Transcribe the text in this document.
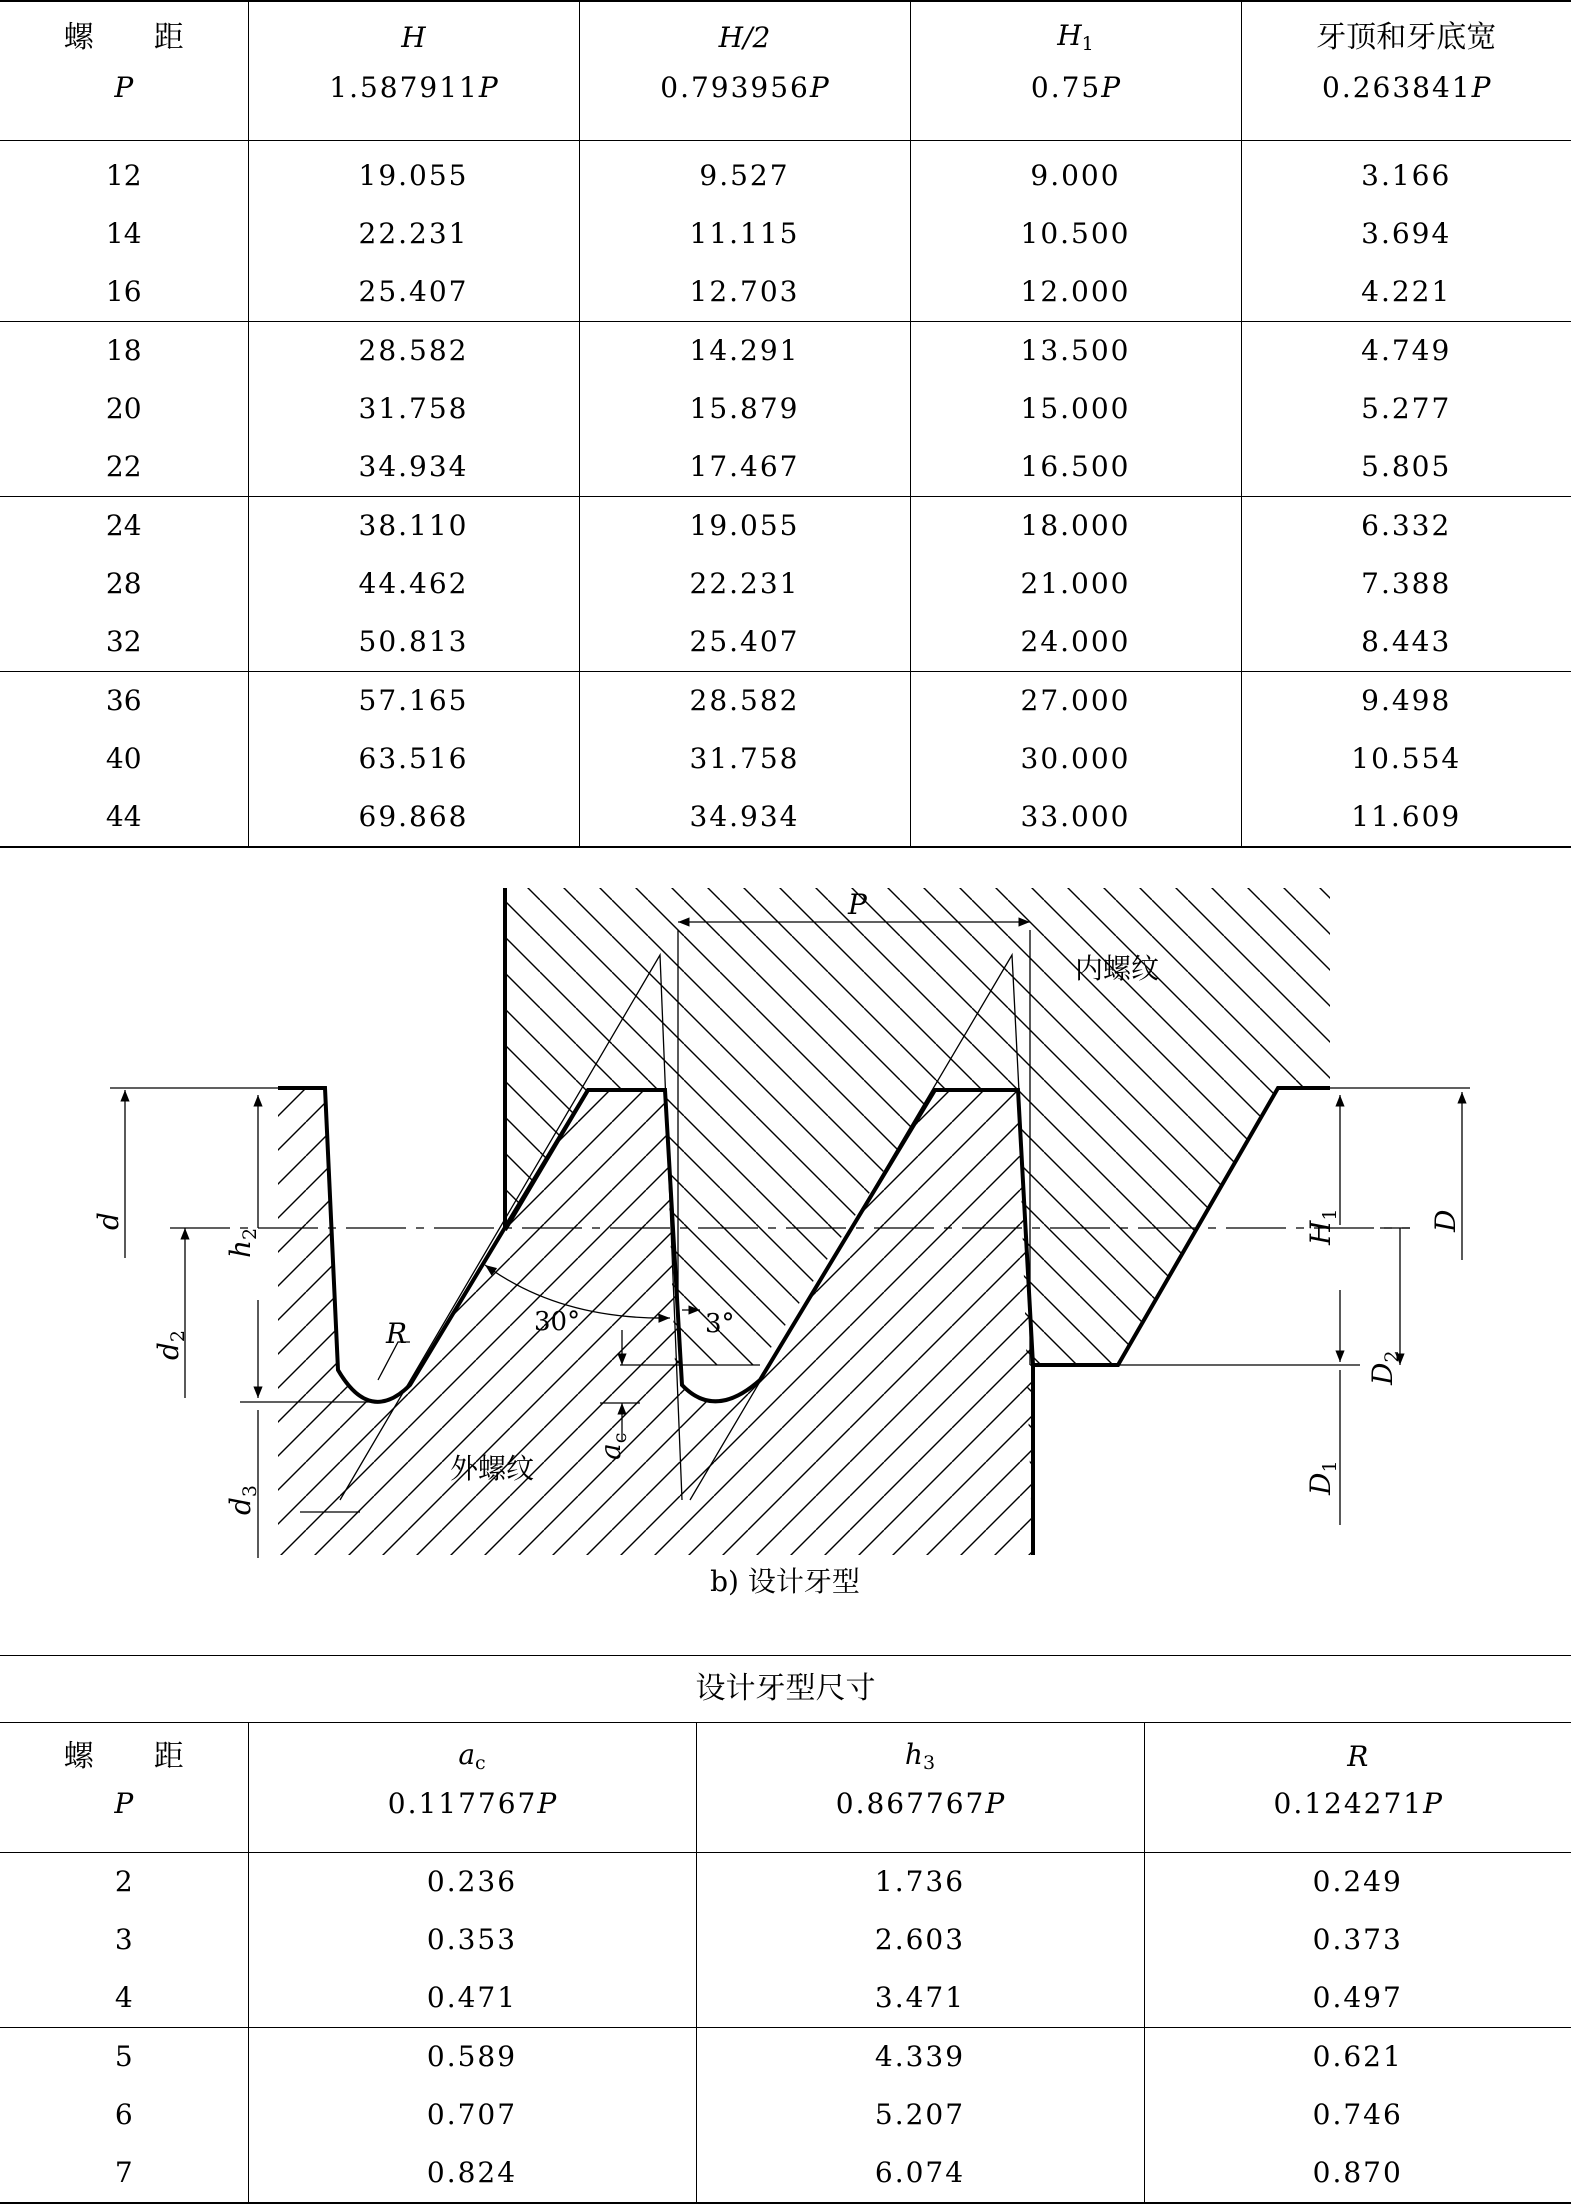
螺距	H	H/2	$H_1$	牙顶和牙底宽
P	1.587911P	0.793956P	0.75P	0.263841P
12	19.055	9.527	9.000	3.166
14	22.231	11.115	10.500	3.694
16	25.407	12.703	12.000	4.221
18	28.582	14.291	13.500	4.749
20	31.758	15.879	15.000	5.277
22	34.934	17.467	16.500	5.805
24	38.110	19.055	18.000	6.332
28	44.462	22.231	21.000	7.388
32	50.813	25.407	24.000	8.443
36	57.165	28.582	27.000	9.498
40	63.516	31.758	30.000	10.554
44	69.868	34.934	33.000	11.609
内螺纹
外螺纹
P
R	30°	3°
d
$d_2$
$h_2$
$d_3$
$a_c$
$H_1$
$D_2$
$D_1$
D
b) 设计牙型
设计牙型尺寸
螺距	$a_c$	$h_3$	R
P	0.117767P	0.867767P	0.124271P
2	0.236	1.736	0.249
3	0.353	2.603	0.373
4	0.471	3.471	0.497
5	0.589	4.339	0.621
6	0.707	5.207	0.746
7	0.824	6.074	0.870
